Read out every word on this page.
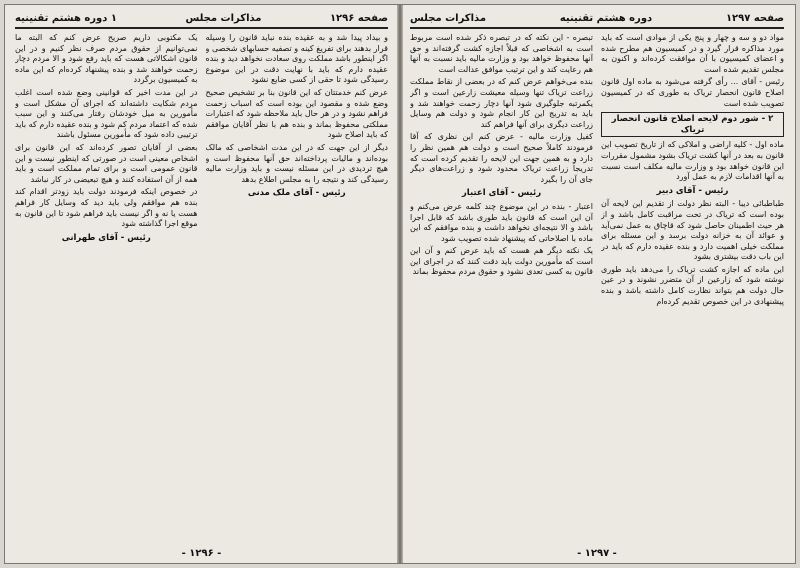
صفحه ۱۲۹۶
مذاکرات مجلس
۱ دوره هشتم تقنینیه

و بیداد پیدا شد و به عقیده بنده نباید قانون را وسیله قرار بدهند برای تفریغ کینه و تصفیه حسابهای شخصی و اگر اینطور باشد مملکت روی سعادت نخواهد دید و بنده عقیده دارم که باید با نهایت دقت در این موضوع رسیدگی شود تا حقی از کسی ضایع نشود

عرض کنم خدمتتان که این قانون بنا بر تشخیص صحیح وضع شده و مقصود این بوده است که اسباب زحمت فراهم نشود و در هر حال باید ملاحظه شود که اعتبارات مملکتی محفوظ بماند و بنده هم با نظر آقایان موافقم که باید اصلاح شود

دیگر از این جهت که در این مدت اشخاصی که مالک بوده‌اند و مالیات پرداخته‌اند حق آنها محفوظ است و هیچ تردیدی در این مسئله نیست و باید وزارت مالیه رسیدگی کند و نتیجه را به مجلس اطلاع بدهد

رئیس - آقای ملک مدنی

یک مکتوبی داریم صریح عرض کنم که البته ما نمی‌توانیم از حقوق مردم صرف نظر کنیم و در این قانون اشکالاتی هست که باید رفع شود و الا مردم دچار زحمت خواهند شد و بنده پیشنهاد کرده‌ام که این ماده به کمیسیون برگردد

در این مدت اخیر که قوانینی وضع شده است اغلب مردم شکایت داشته‌اند که اجرای آن مشکل است و مأمورین به میل خودشان رفتار می‌کنند و این سبب شده که اعتماد مردم کم شود و بنده عقیده دارم که باید ترتیبی داده شود که مأمورین مسئول باشند

بعضی از آقایان تصور کرده‌اند که این قانون برای اشخاص معینی است در صورتی که اینطور نیست و این قانون عمومی است و برای تمام مملکت است و باید همه از آن استفاده کنند و هیچ تبعیضی در کار نباشد

در خصوص اینکه فرمودند دولت باید زودتر اقدام کند بنده هم موافقم ولی باید دید که وسایل کار فراهم هست یا نه و اگر نیست باید فراهم شود تا این قانون به موقع اجرا گذاشته شود

رئیس - آقای طهرانی
- ۱۲۹۶ -
صفحه ۱۲۹۷
دوره هشتم تقنینیه
مذاکرات مجلس

مواد دو و سه و چهار و پنج یکی از موادی است که باید مورد مذاکره قرار گیرد و در کمیسیون هم مطرح شده و اعضای کمیسیون با آن موافقت کرده‌اند و اکنون به مجلس تقدیم شده است

رئیس - آقای ... رأی گرفته می‌شود به ماده اول قانون اصلاح قانون انحصار تریاک به طوری که در کمیسیون تصویب شده است

۲ - شور دوم لایحه اصلاح قانون انحصار تریاک

ماده اول - کلیه اراضی و املاکی که از تاریخ تصویب این قانون به بعد در آنها کشت تریاک بشود مشمول مقررات این قانون خواهد بود و وزارت مالیه مکلف است نسبت به آنها اقدامات لازم به عمل آورد

رئیس - آقای دبیر

طباطبائی دیبا - البته نظر دولت از تقدیم این لایحه آن بوده است که تریاک در تحت مراقبت کامل باشد و از هر حیث اطمینان حاصل شود که قاچاق به عمل نمی‌آید و عوائد آن به خزانه دولت برسد و این مسئله برای مملکت خیلی اهمیت دارد و بنده عقیده دارم که باید در این باب دقت بیشتری بشود

این ماده که اجازه کشت تریاک را می‌دهد باید طوری نوشته شود که زارعین از آن متضرر نشوند و در عین حال دولت هم بتواند نظارت کامل داشته باشد و بنده پیشنهادی در این خصوص تقدیم کرده‌ام

تبصره - این نکته که در تبصره ذکر شده است مربوط است به اشخاصی که قبلاً اجازه کشت گرفته‌اند و حق آنها محفوظ خواهد بود و وزارت مالیه باید نسبت به آنها هم رعایت کند و این ترتیب موافق عدالت است

بنده می‌خواهم عرض کنم که در بعضی از نقاط مملکت زراعت تریاک تنها وسیله معیشت زارعین است و اگر یکمرتبه جلوگیری شود آنها دچار زحمت خواهند شد و باید به تدریج این کار انجام شود و دولت هم وسایل زراعت دیگری برای آنها فراهم کند

کفیل وزارت مالیه - عرض کنم این نظری که آقا فرمودند کاملاً صحیح است و دولت هم همین نظر را دارد و به همین جهت این لایحه را تقدیم کرده است که تدریجاً زراعت تریاک محدود شود و زراعت‌های دیگر جای آن را بگیرد

رئیس - آقای اعتبار

اعتبار - بنده در این موضوع چند کلمه عرض می‌کنم و آن این است که قانون باید طوری باشد که قابل اجرا باشد و الا نتیجه‌ای نخواهد داشت و بنده موافقم که این ماده با اصلاحاتی که پیشنهاد شده تصویب شود

یک نکته دیگر هم هست که باید عرض کنم و آن این است که مأمورین دولت باید دقت کنند که در اجرای این قانون به کسی تعدی نشود و حقوق مردم محفوظ بماند

- ۱۲۹۷ -
